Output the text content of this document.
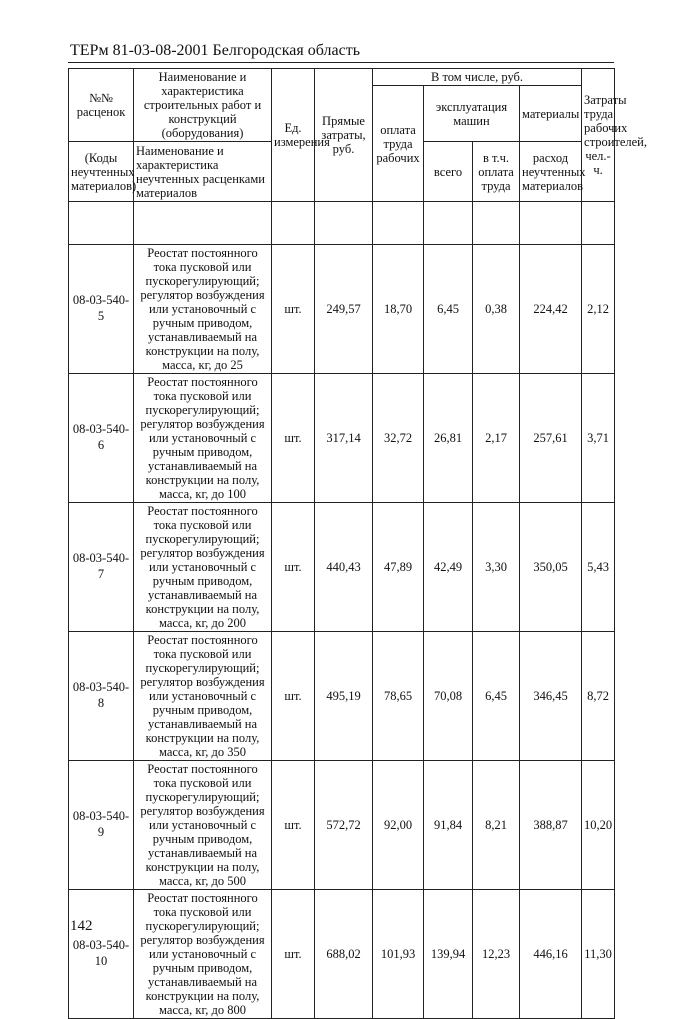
ТЕРм 81-03-08-2001 Белгородская область
№№ расценок	Наименование и характеристика строительных работ и конструкций (оборудования)	Ед. измерения	Прямые затраты, руб.	В том числе, руб.				Затраты труда рабочих строителей, чел.-ч.
				оплата труда рабочих	эксплуатация машин		материалы	
(Коды неучтенных материалов)	Наименование и характеристика неучтенных расценками материалов				всего	в т.ч. оплата труда	расход неучтенных материалов	

08-03-540-5	Реостат постоянного тока пусковой или пускорегулирующий; регулятор возбуждения или установочный с ручным приводом, устанавливаемый на конструкции на полу, масса, кг, до 25	шт.	249,57	18,70	6,45	0,38	224,42	2,12
08-03-540-6	Реостат постоянного тока пусковой или пускорегулирующий; регулятор возбуждения или установочный с ручным приводом, устанавливаемый на конструкции на полу, масса, кг, до 100	шт.	317,14	32,72	26,81	2,17	257,61	3,71
08-03-540-7	Реостат постоянного тока пусковой или пускорегулирующий; регулятор возбуждения или установочный с ручным приводом, устанавливаемый на конструкции на полу, масса, кг, до 200	шт.	440,43	47,89	42,49	3,30	350,05	5,43
08-03-540-8	Реостат постоянного тока пусковой или пускорегулирующий; регулятор возбуждения или установочный с ручным приводом, устанавливаемый на конструкции на полу, масса, кг, до 350	шт.	495,19	78,65	70,08	6,45	346,45	8,72
08-03-540-9	Реостат постоянного тока пусковой или пускорегулирующий; регулятор возбуждения или установочный с ручным приводом, устанавливаемый на конструкции на полу, масса, кг, до 500	шт.	572,72	92,00	91,84	8,21	388,87	10,20
08-03-540-10	Реостат постоянного тока пусковой или пускорегулирующий; регулятор возбуждения или установочный с ручным приводом, устанавливаемый на конструкции на полу, масса, кг, до 800	шт.	688,02	101,93	139,94	12,23	446,16	11,30
142
